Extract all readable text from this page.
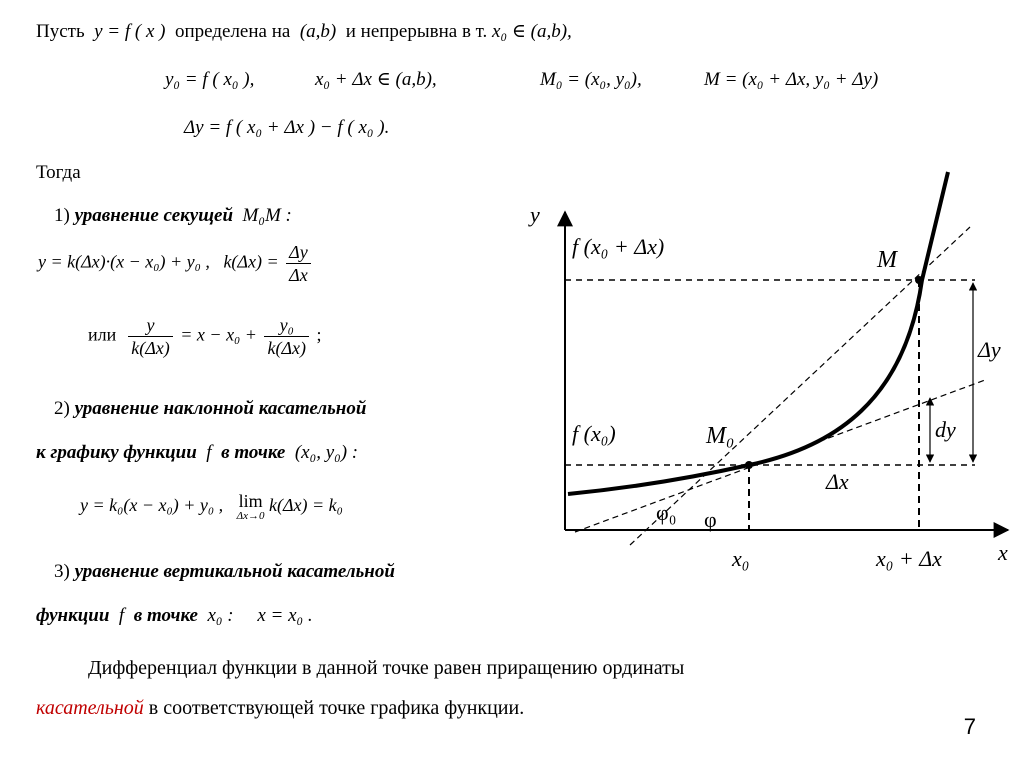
Пусть y = f ( x ) определена на (a,b) и непрерывна в т. x₀ ∈ (a,b),
y₀ = f ( x₀ ),	x₀ + Δx ∈ (a,b),	M₀ = (x₀, y₀),	M = (x₀ + Δx, y₀ + Δy)
Δy = f ( x₀ + Δx ) − f ( x₀ ).
Тогда
1) уравнение секущей M₀M :
y = k(Δx)·(x − x₀) + y₀ , $k(\Delta x) = \frac{\Delta y}{\Delta x}$
или $\frac{y}{k(\Delta x)} = x - x_0 + \frac{\text{y₀}}{k(\Delta x)}$ ;
2) уравнение наклонной касательной
к графику функции f в точке (x₀, y₀) :
y = k₀(x − x₀) + y₀ , lim
Δx→0
k(Δx) = k₀
3) уравнение вертикальной касательной
функции f в точке x₀ : x = x₀ .
Дифференциал функции в данной точке равен приращению ординаты
касательной в соответствующей точке графика функции.
7
y
x
f (x₀ + Δx)
f (x₀)
M
M₀
Δy
dy
Δx
φ₀ φ
x₀	x₀ + Δx
